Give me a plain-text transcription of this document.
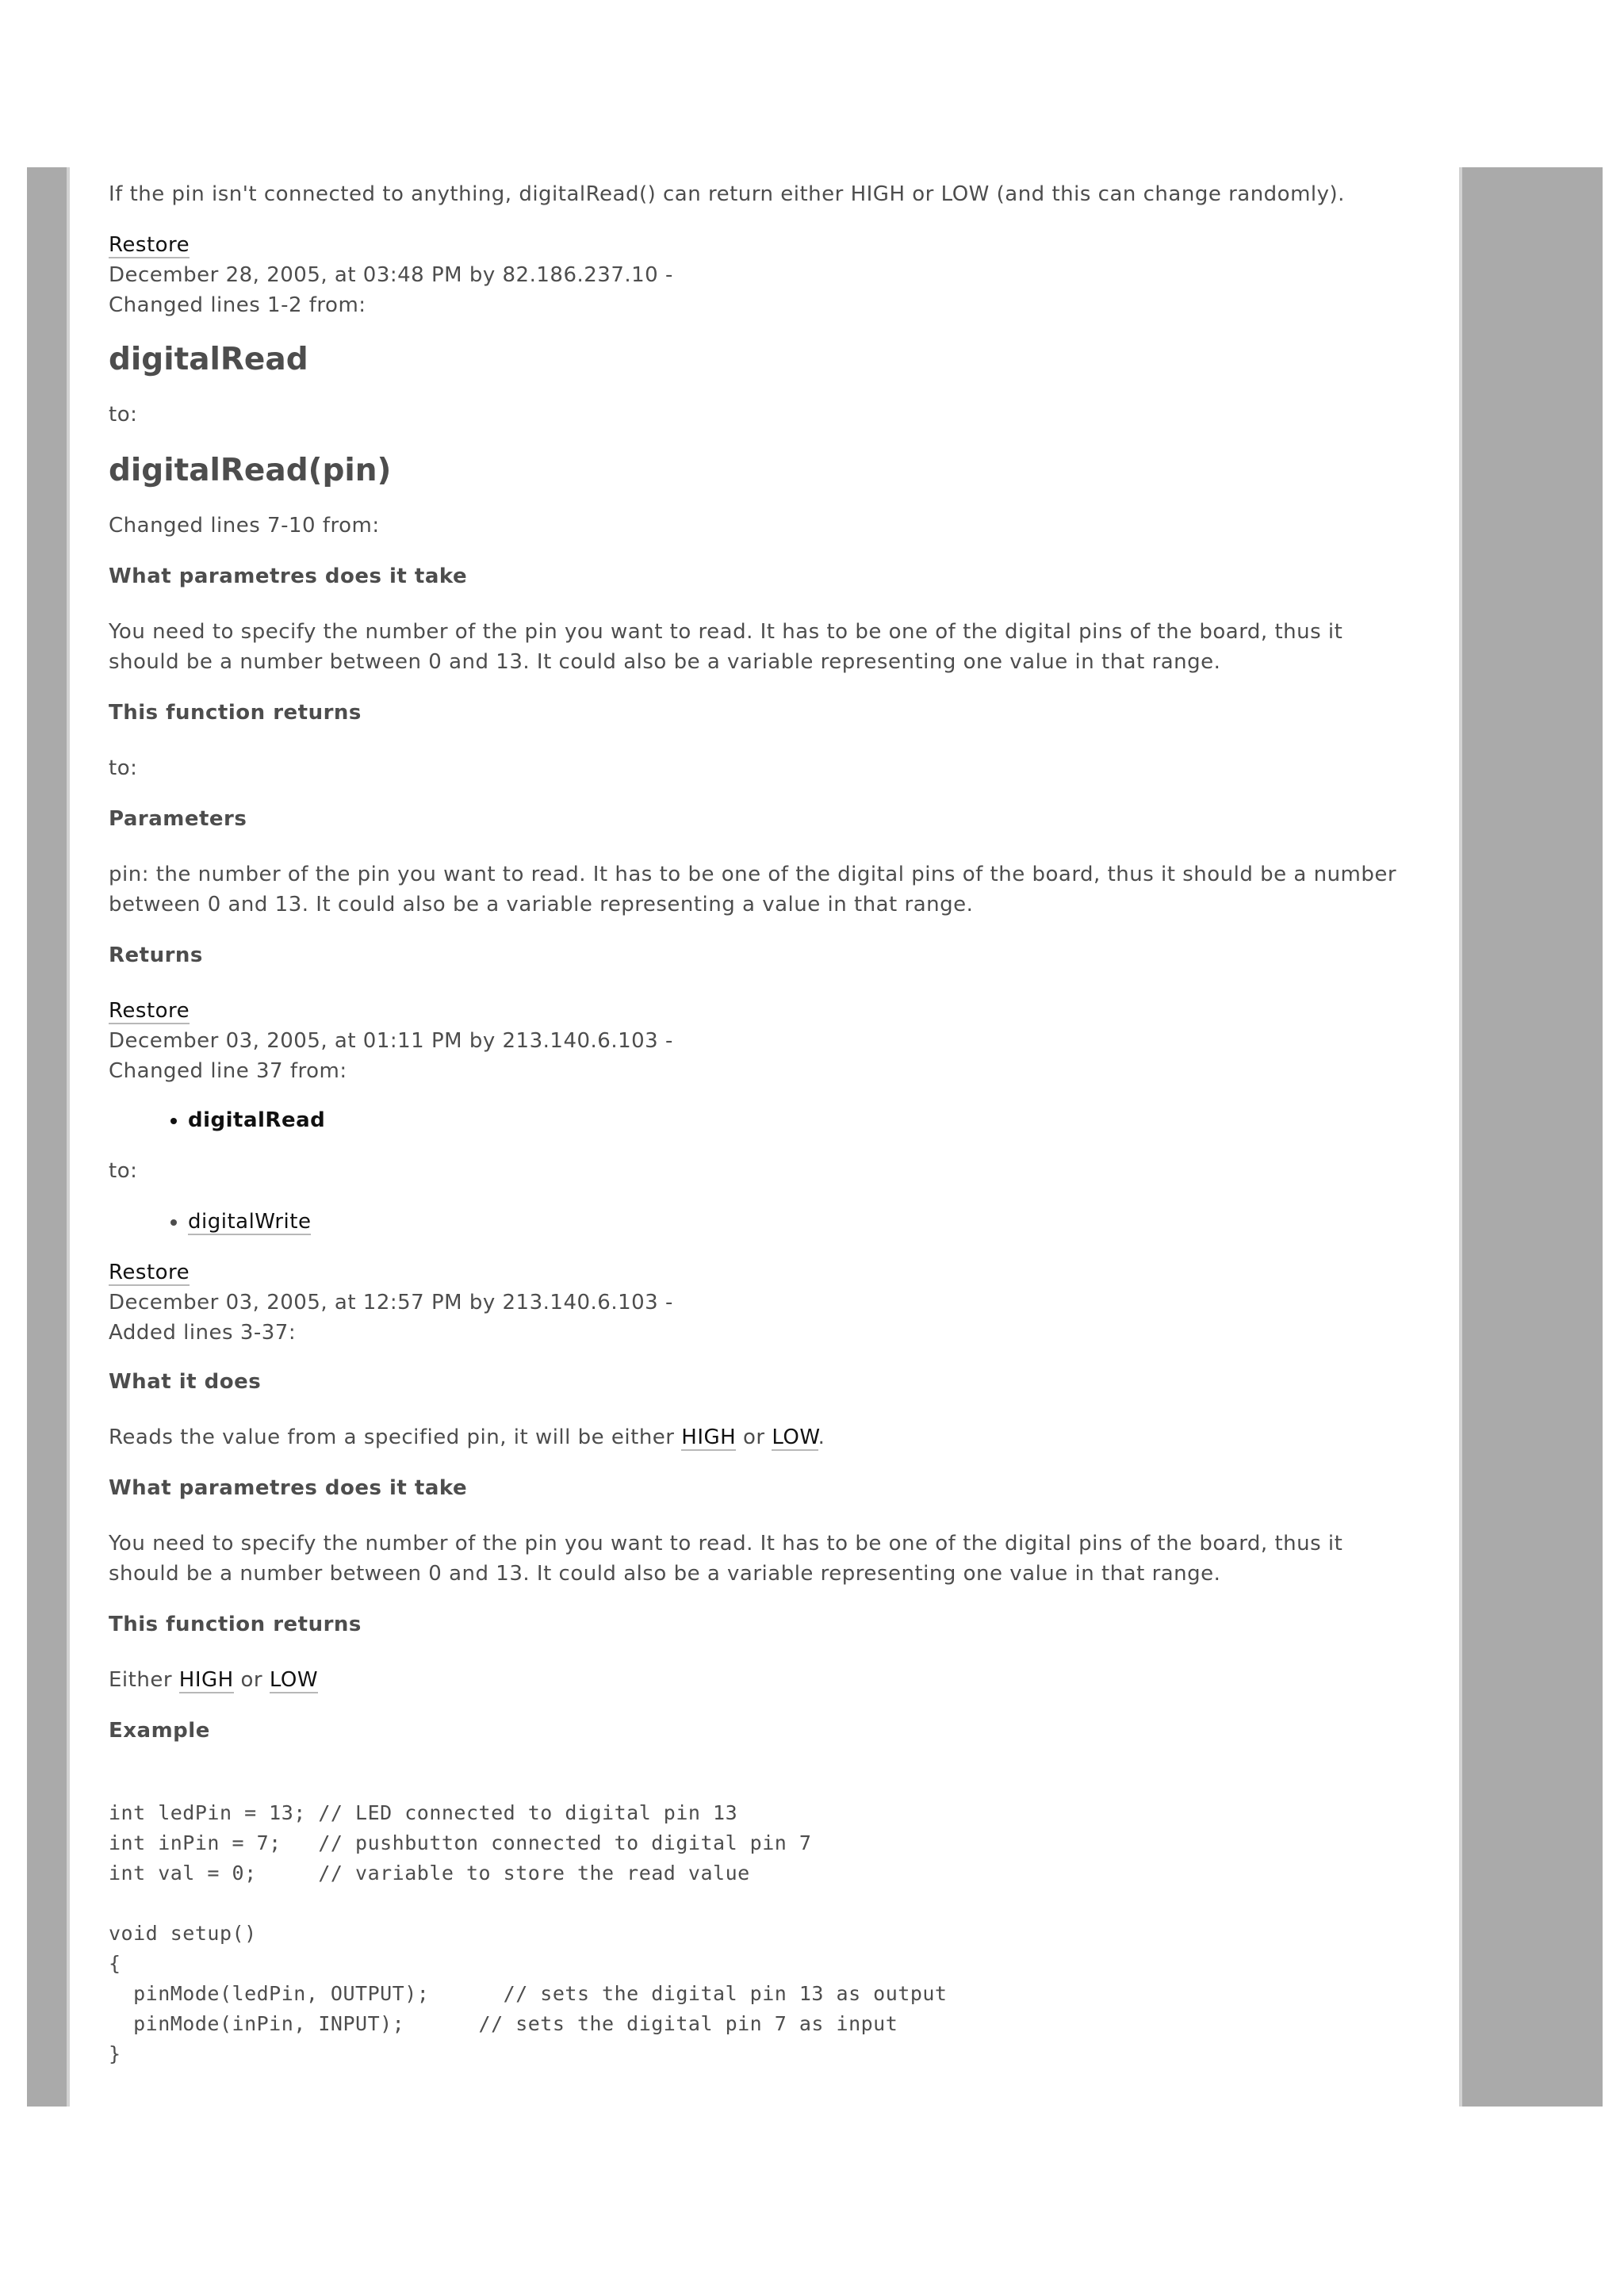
If the pin isn't connected to anything, digitalRead() can return either HIGH or LOW (and this can change randomly).

Restore
December 28, 2005, at 03:48 PM by 82.186.237.10 -
Changed lines 1-2 from:
digitalRead

to:

digitalRead(pin)

Changed lines 7-10 from:

What parametres does it take

You need to specify the number of the pin you want to read. It has to be one of the digital pins of the board, thus it should be a number between 0 and 13. It could also be a variable representing one value in that range.

This function returns

to:

Parameters

pin: the number of the pin you want to read. It has to be one of the digital pins of the board, thus it should be a number between 0 and 13. It could also be a variable representing a value in that range.

Returns
Restore
December 03, 2005, at 01:11 PM by 213.140.6.103 -
Changed line 37 from:
• digitalRead

to:

• digitalWrite
Restore
December 03, 2005, at 12:57 PM by 213.140.6.103 -
Added lines 3-37:
What it does

Reads the value from a specified pin, it will be either HIGH or LOW.

What parametres does it take

You need to specify the number of the pin you want to read. It has to be one of the digital pins of the board, thus it should be a number between 0 and 13. It could also be a variable representing one value in that range.

This function returns

Either HIGH or LOW

Example
int ledPin = 13; // LED connected to digital pin 13
int inPin = 7;   // pushbutton connected to digital pin 7
int val = 0;     // variable to store the read value

void setup()
{
pinMode(ledPin, OUTPUT);      // sets the digital pin 13 as output
pinMode(inPin, INPUT);      // sets the digital pin 7 as input
}
